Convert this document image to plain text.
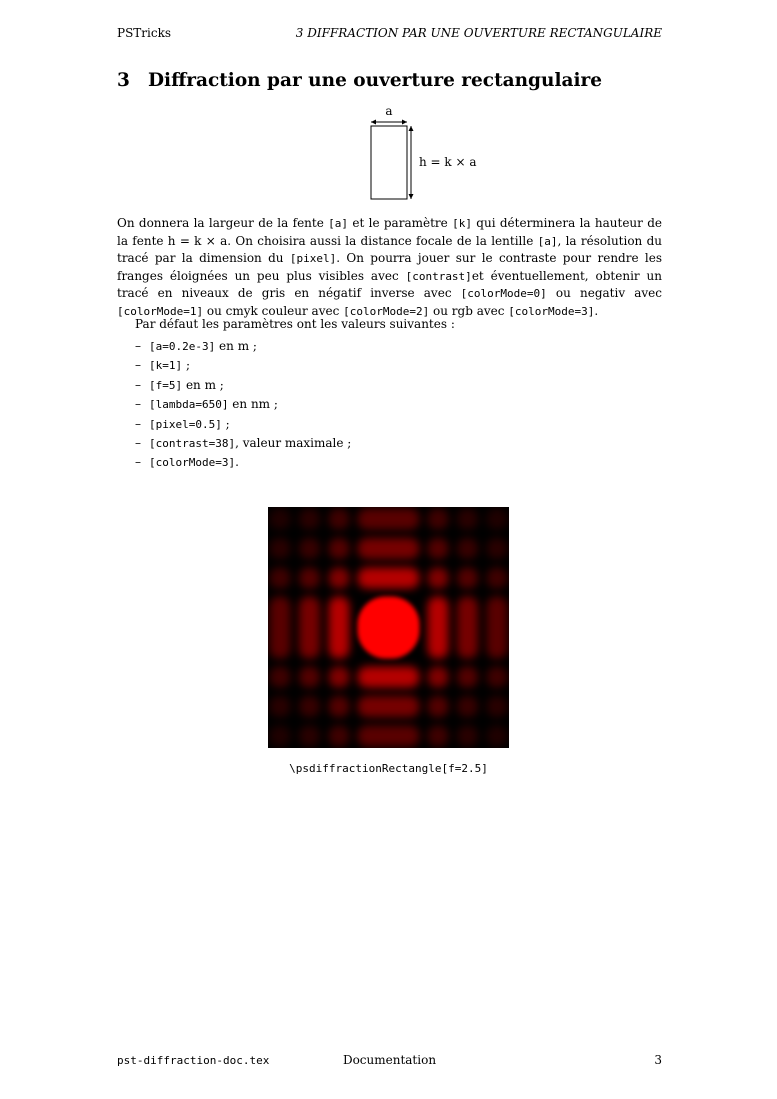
PSTricks	3 DIFFRACTION PAR UNE OUVERTURE RECTANGULAIRE
3 Diffraction par une ouverture rectangulaire
a
h = k × a
On donnera la largeur de la fente [a] et le paramètre [k] qui déterminera la hauteur de la fente h = k × a. On choisira aussi la distance focale de la lentille [a], la résolution du tracé par la dimension du [pixel]. On pourra jouer sur le contraste pour rendre les franges éloignées un peu plus visibles avec [contrast]et éventuellement, obtenir un tracé en niveaux de gris en négatif inverse avec [colorMode=0] ou negativ avec [colorMode=1] ou cmyk couleur avec [colorMode=2] ou rgb avec [colorMode=3].
Par défaut les paramètres ont les valeurs suivantes :
– [a=0.2e-3] en m ;
– [k=1] ;
– [f=5] en m ;
– [lambda=650] en nm ;
– [pixel=0.5] ;
– [contrast=38], valeur maximale ;
– [colorMode=3].
\psdiffractionRectangle[f=2.5]
pst-diffraction-doc.tex	Documentation	3
